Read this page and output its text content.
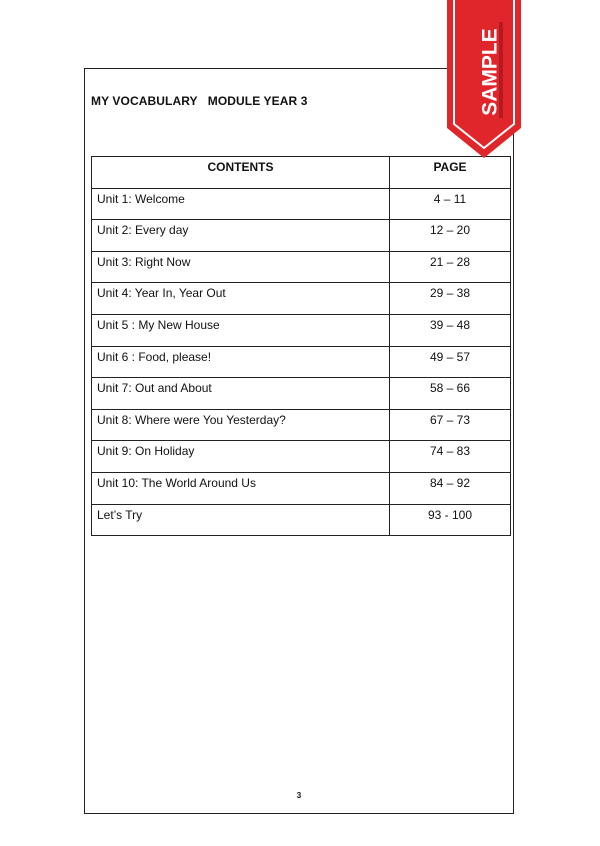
MY VOCABULARY   MODULE YEAR 3
CONTENTS	PAGE
Unit 1: Welcome	4 – 11
Unit 2: Every day	12 – 20
Unit 3: Right Now	21 – 28
Unit 4: Year In, Year Out	29 – 38
Unit 5 : My New House	39 – 48
Unit 6 : Food, please!	49 – 57
Unit 7: Out and About	58 – 66
Unit 8: Where were You Yesterday?	67 – 73
Unit 9: On Holiday	74 – 83
Unit 10: The World Around Us	84 – 92
Let’s Try	93 - 100
3
SAMPLE
